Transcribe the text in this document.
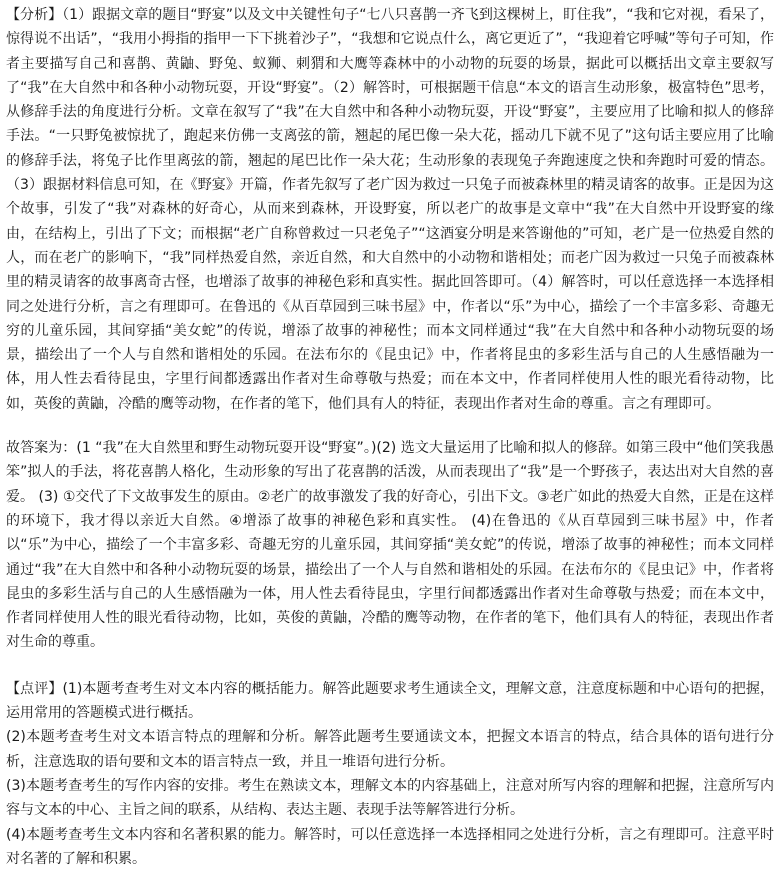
【分析】（1）跟据文章的题目“野宴”以及文中关键性句子“七八只喜鹊一齐飞到这棵树上，盯住我”，“我和它对视，看呆了，惊得说不出话”，“我用小拇指的指甲一下下挑着沙子”，“我想和它说点什么，离它更近了”，“我迎着它呼喊”等句子可知，作者主要描写自己和喜鹊、黄鼬、野兔、蚁狮、刺猬和大鹰等森林中的小动物的玩耍的场景，据此可以概括出文章主要叙写了“我”在大自然中和各种小动物玩耍，开设“野宴”。（2）解答时，可根据题干信息“本文的语言生动形象，极富特色”思考，从修辞手法的角度进行分析。文章在叙写了“我”在大自然中和各种小动物玩耍，开设“野宴”，主要应用了比喻和拟人的修辞手法。“一只野兔被惊扰了，跑起来仿佛一支离弦的箭，翘起的尾巴像一朵大花，摇动几下就不见了”这句话主要应用了比喻的修辞手法，将兔子比作里离弦的箭，翘起的尾巴比作一朵大花；生动形象的表现兔子奔跑速度之快和奔跑时可爱的情态。（3）跟据材料信息可知，在《野宴》开篇，作者先叙写了老广因为救过一只兔子而被森林里的精灵请客的故事。正是因为这个故事，引发了“我”对森林的好奇心，从而来到森林，开设野宴，所以老广的故事是文章中“我”在大自然中开设野宴的缘由，在结构上，引出了下文；而根据“老广自称曾救过一只老兔子”“这酒宴分明是来答谢他的”可知，老广是一位热爱自然的人，而在老广的影响下，“我”同样热爱自然，亲近自然，和大自然中的小动物和谐相处；而老广因为救过一只兔子而被森林里的精灵请客的故事离奇古怪，也增添了故事的神秘色彩和真实性。据此回答即可。（4）解答时，可以任意选择一本选择相同之处进行分析，言之有理即可。在鲁迅的《从百草园到三味书屋》中，作者以“乐”为中心，描绘了一个丰富多彩、奇趣无穷的儿童乐园，其间穿插“美女蛇”的传说，增添了故事的神秘性；而本文同样通过“我”在大自然中和各种小动物玩耍的场景，描绘出了一个人与自然和谐相处的乐园。在法布尔的《昆虫记》中，作者将昆虫的多彩生活与自己的人生感悟融为一体，用人性去看待昆虫，字里行间都透露出作者对生命尊敬与热爱；而在本文中，作者同样使用人性的眼光看待动物，比如，英俊的黄鼬，冷酷的鹰等动物，在作者的笔下，他们具有人的特征，表现出作者对生命的尊重。言之有理即可。

故答案为：(1 “我”在大自然里和野生动物玩耍开设“野宴”。)(2) 选文大量运用了比喻和拟人的修辞。如第三段中“他们笑我愚笨”拟人的手法，将花喜鹊人格化，生动形象的写出了花喜鹊的活泼，从而表现出了“我”是一个野孩子，表达出对大自然的喜爱。 (3) ①交代了下文故事发生的原由。②老广的故事激发了我的好奇心，引出下文。③老广如此的热爱大自然，正是在这样的环境下，我才得以亲近大自然。④增添了故事的神秘色彩和真实性。 (4)在鲁迅的《从百草园到三味书屋》中，作者以“乐”为中心，描绘了一个丰富多彩、奇趣无穷的儿童乐园，其间穿插“美女蛇”的传说，增添了故事的神秘性；而本文同样通过“我”在大自然中和各种小动物玩耍的场景，描绘出了一个人与自然和谐相处的乐园。在法布尔的《昆虫记》中，作者将昆虫的多彩生活与自己的人生感悟融为一体，用人性去看待昆虫，字里行间都透露出作者对生命尊敬与热爱；而在本文中，作者同样使用人性的眼光看待动物，比如，英俊的黄鼬，冷酷的鹰等动物，在作者的笔下，他们具有人的特征，表现出作者对生命的尊重。

【点评】(1)本题考查考生对文本内容的概括能力。解答此题要求考生通读全文，理解文意，注意度标题和中心语句的把握，运用常用的答题模式进行概括。

(2)本题考查考生对文本语言特点的理解和分析。解答此题考生要通读文本，把握文本语言的特点，结合具体的语句进行分析，注意选取的语句要和文本的语言特点一致，并且一堆语句进行分析。

(3)本题考查考生的写作内容的安排。考生在熟读文本，理解文本的内容基础上，注意对所写内容的理解和把握，注意所写内容与文本的中心、主旨之间的联系，从结构、表达主题、表现手法等解答进行分析。

(4)本题考查考生文本内容和名著积累的能力。解答时，可以任意选择一本选择相同之处进行分析，言之有理即可。注意平时对名著的了解和积累。
